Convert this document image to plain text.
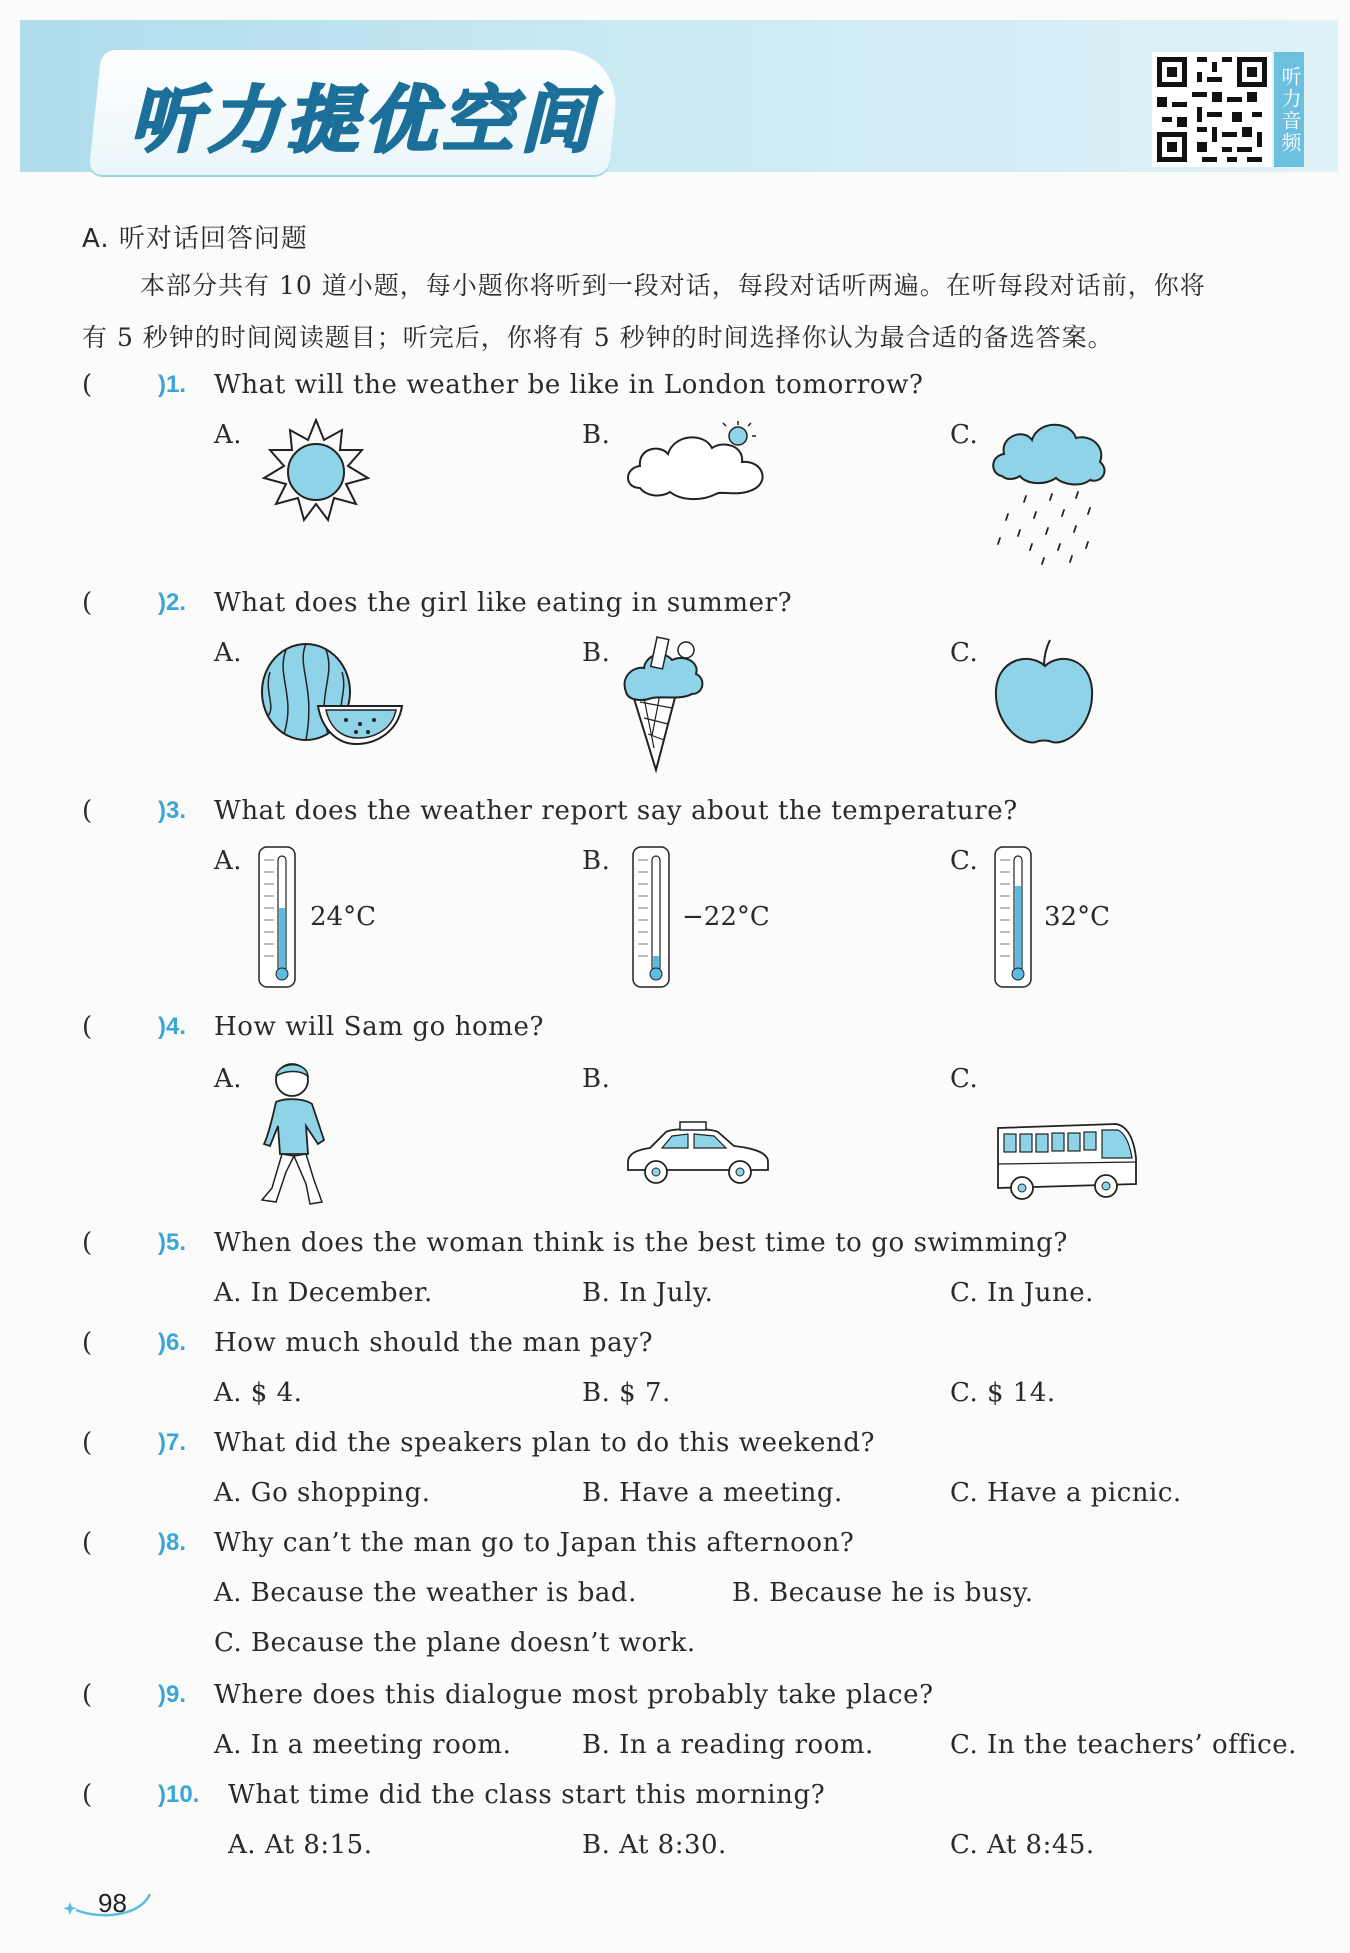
听力提优空间	听力音频
A. 听对话回答问题
本部分共有 10 道小题，每小题你将听到一段对话，每段对话听两遍。在听每段对话前，你将
有 5 秒钟的时间阅读题目；听完后，你将有 5 秒钟的时间选择你认为最合适的备选答案。
(	)1. What will the weather be like in London tomorrow?
A.	B.	C.
(	)2. What does the girl like eating in summer?
A.	B.	C.
(	)3. What does the weather report say about the temperature?
A.	B.	C.
24°C	−22°C	32°C
(	)4. How will Sam go home?
A.	B.	C.
(	)5. When does the woman think is the best time to go swimming?
A. In December.	B. In July.	C. In June.
(	)6. How much should the man pay?
A. $ 4.	B. $ 7.	C. $ 14.
(	)7. What did the speakers plan to do this weekend?
A. Go shopping.	B. Have a meeting.	C. Have a picnic.
(	)8. Why can’t the man go to Japan this afternoon?
A. Because the weather is bad.	B. Because he is busy.
C. Because the plane doesn’t work.
(	)9. Where does this dialogue most probably take place?
A. In a meeting room.	B. In a reading room.	C. In the teachers’ office.
(	)10. What time did the class start this morning?
A. At 8:15.	B. At 8:30.	C. At 8:45.
98
